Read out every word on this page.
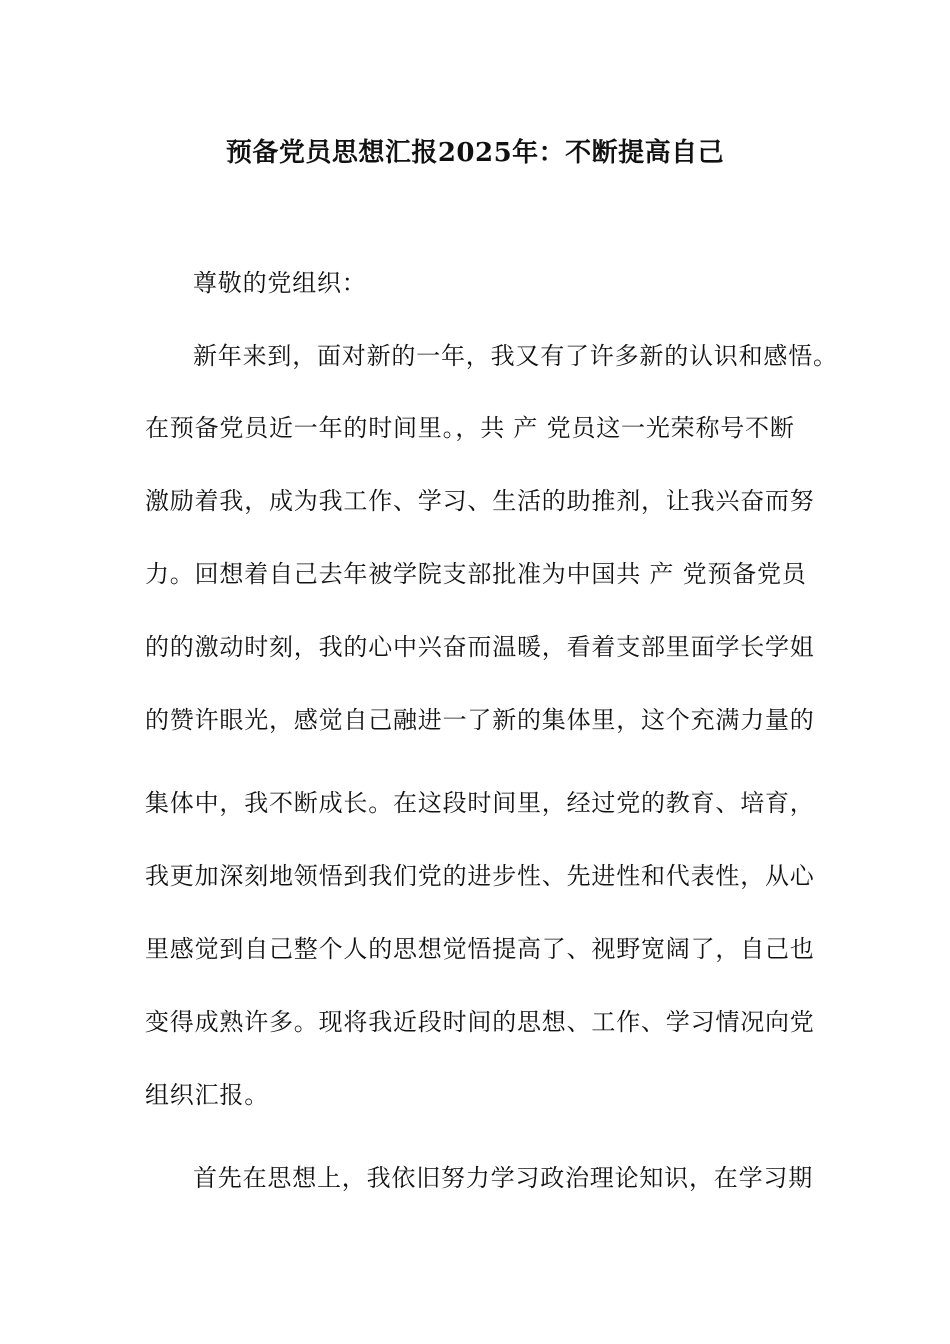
预备党员思想汇报2025年：不断提高自己
尊敬的党组织：
新年来到，面对新的一年，我又有了许多新的认识和感悟。
在预备党员近一年的时间里。，共 产 党员这一光荣称号不断
激励着我，成为我工作、学习、生活的助推剂，让我兴奋而努
力。回想着自己去年被学院支部批准为中国共 产 党预备党员
的的激动时刻，我的心中兴奋而温暖，看着支部里面学长学姐
的赞许眼光，感觉自己融进一了新的集体里，这个充满力量的
集体中，我不断成长。在这段时间里，经过党的教育、培育，
我更加深刻地领悟到我们党的进步性、先进性和代表性，从心
里感觉到自己整个人的思想觉悟提高了、视野宽阔了，自己也
变得成熟许多。现将我近段时间的思想、工作、学习情况向党
组织汇报。
首先在思想上，我依旧努力学习政治理论知识，在学习期
